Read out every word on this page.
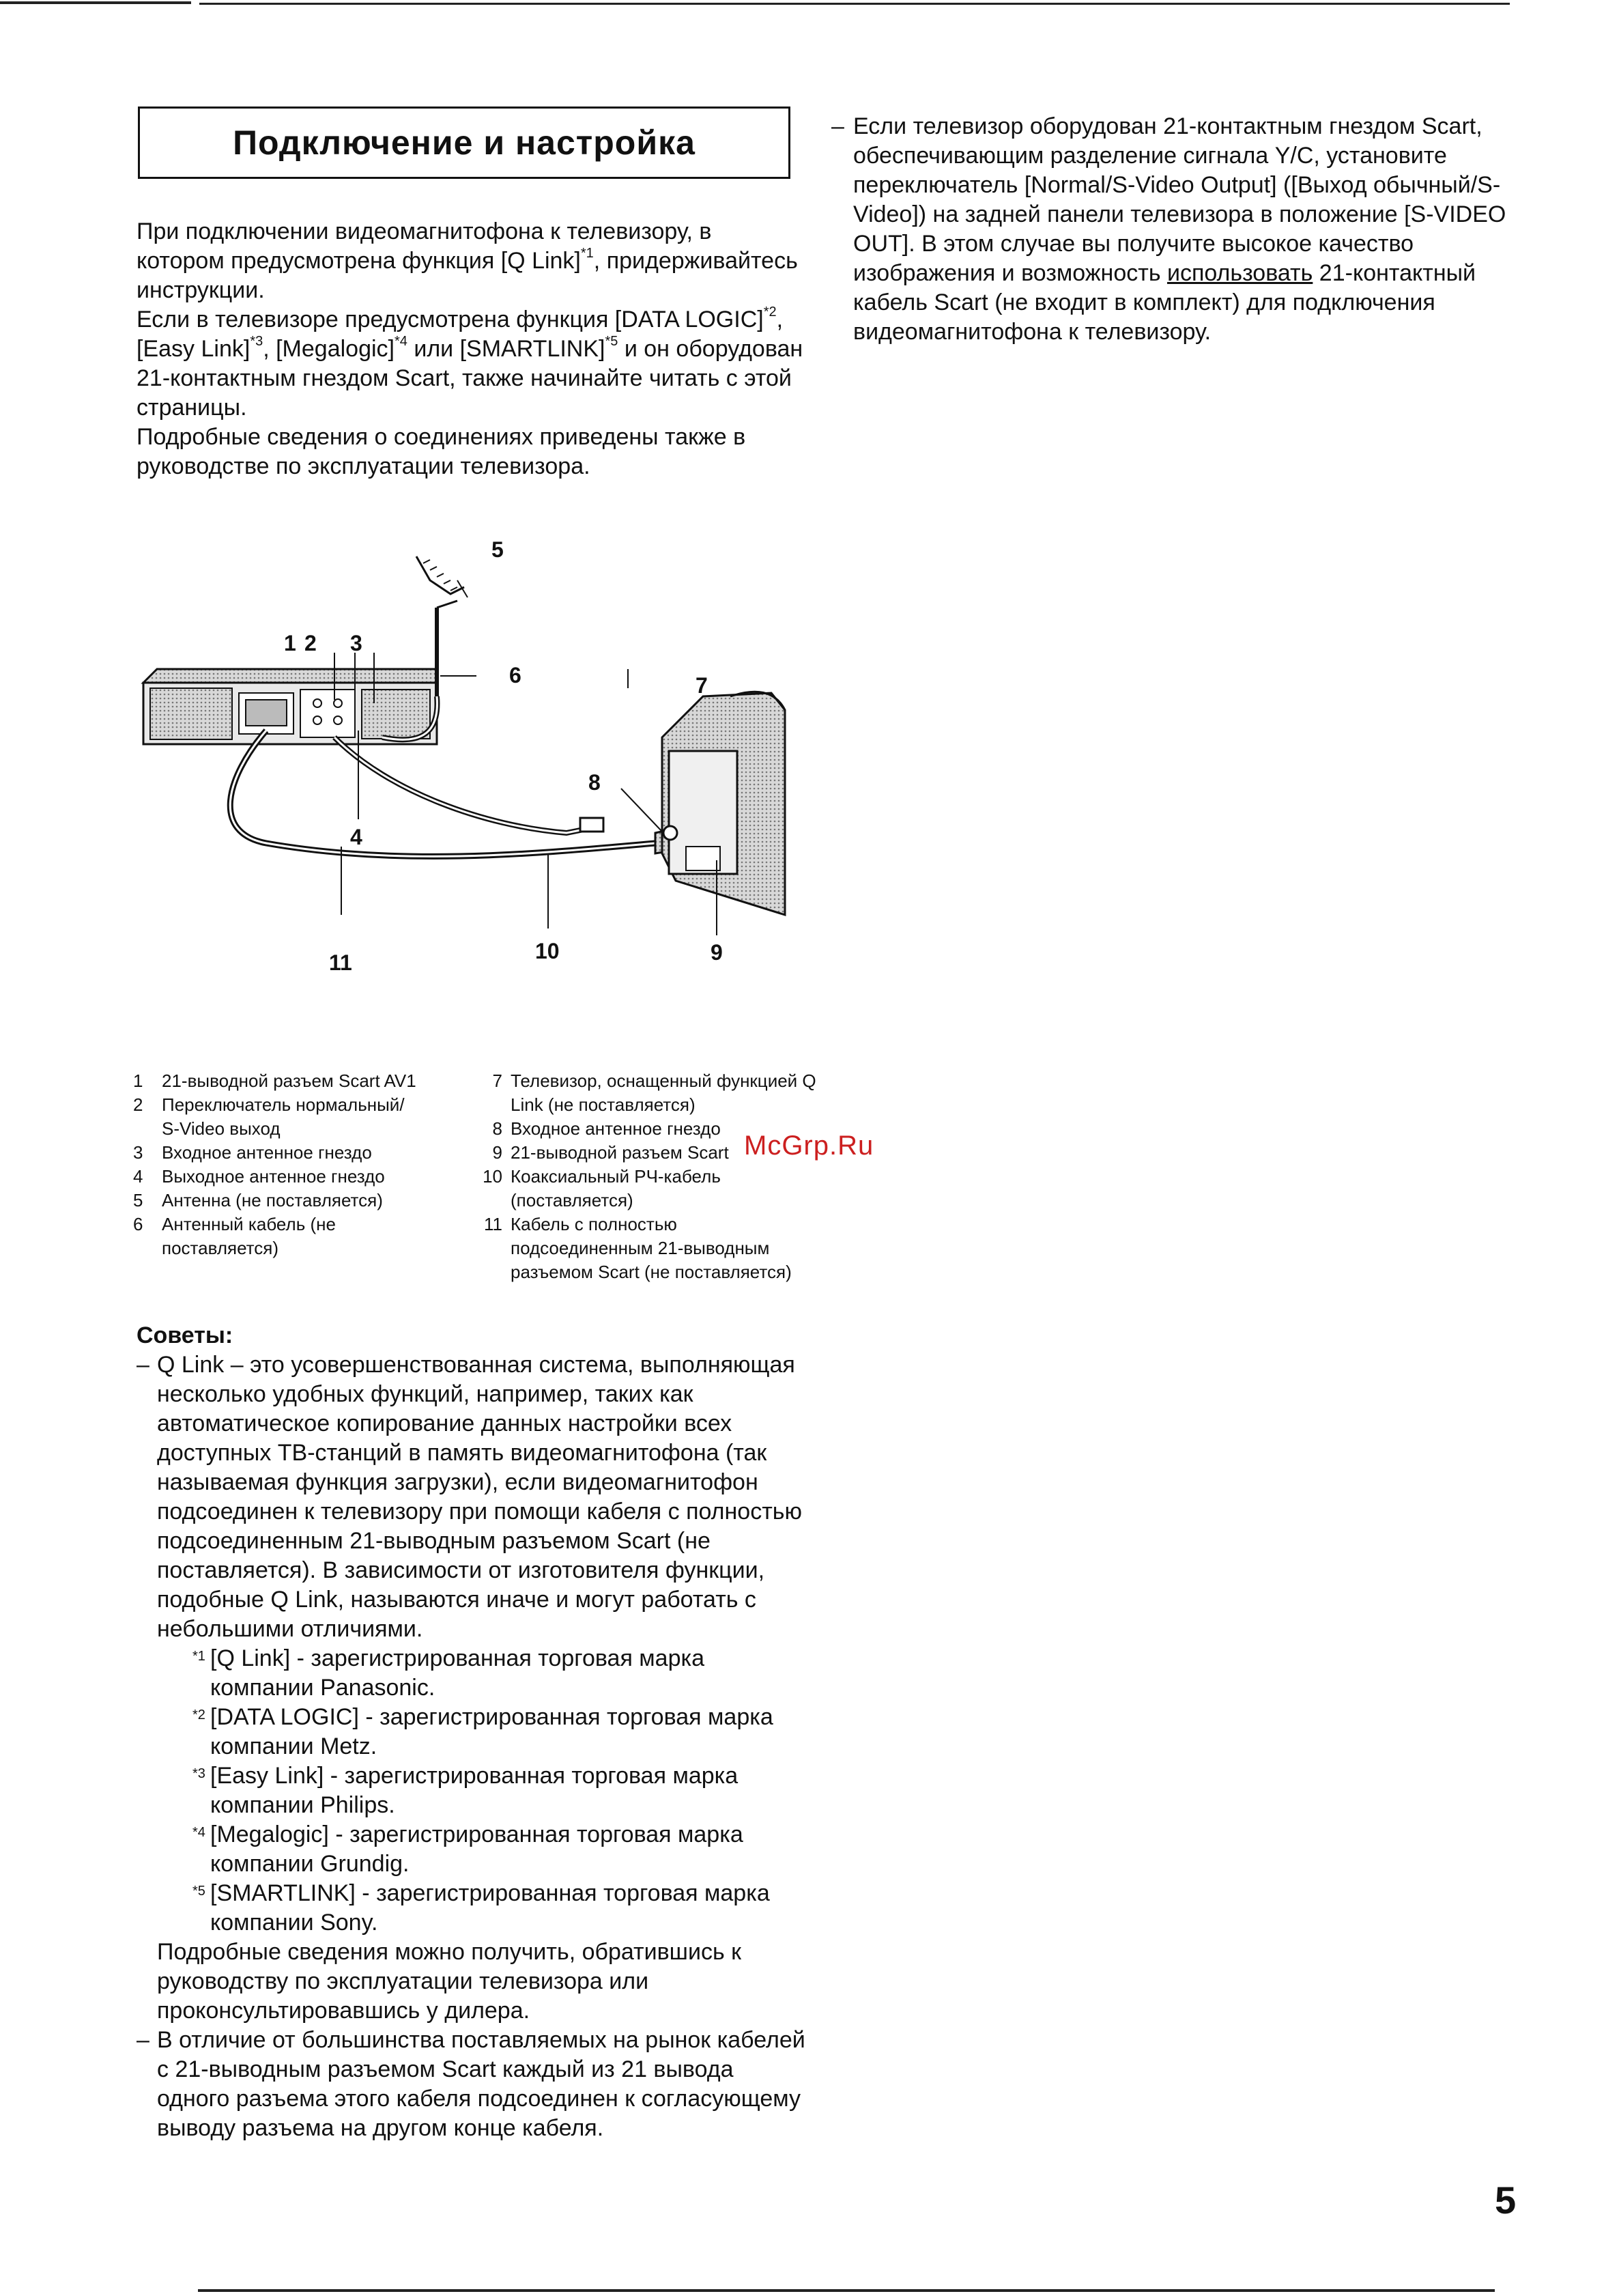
Подключение и настройка

При подключении видеомагнитофона к телевизору, в котором предусмотрена функция [Q Link]$^{*1}$, придерживайтесь инструкции.

Если в телевизоре предусмотрена функция [DATA LOGIC]$^{*2}$, [Easy Link]$^{*3}$, [Megalogic]$^{*4}$ или [SMARTLINK]$^{*5}$ и он оборудован 21-контактным гнездом Scart, также начинайте читать с этой страницы.

Подробные сведения о соединениях приведены также в руководстве по эксплуатации телевизора.

– Если телевизор оборудован 21-контактным гнездом Scart, обеспечивающим разделение сигнала Y/C, установите переключатель [Normal/S-Video Output] ([Выход обычный/S-Video]) на задней панели телевизора в положение [S-VIDEO OUT]. В этом случае вы получите высокое качество изображения и возможность использовать 21-контактный кабель Scart (не входит в комплект) для подключения видеомагнитофона к телевизору.
1 2 3
4
5
6	7
8
9
10
11
1	21-выводной разъем Scart AV1
2	Переключатель нормальный/ S-Video выход
3	Входное антенное гнездо
4	Выходное антенное гнездо
5	Антенна (не поставляется)
6	Антенный кабель (не поставляется)
7 Телевизор, оснащенный функцией Q Link (не поставляется)
8 Входное антенное гнездо
9 21-выводной разъем Scart
10 Коаксиальный РЧ-кабель (поставляется)
11 Кабель с полностью подсоединенным 21-выводным разъемом Scart (не поставляется)
McGrp.Ru
Советы:
– Q Link – это усовершенствованная система, выполняющая несколько удобных функций, например, таких как автоматическое копирование данных настройки всех доступных ТВ-станций в память видеомагнитофона (так называемая функция загрузки), если видеомагнитофон подсоединен к телевизору при помощи кабеля с полностью подсоединенным 21-выводным разъемом Scart (не поставляется). В зависимости от изготовителя функции, подобные Q Link, называются иначе и могут работать с небольшими отличиями.

*1 [Q Link] - зарегистрированная торговая марка компании Panasonic.
*2 [DATA LOGIC] - зарегистрированная торговая марка компании Metz.
*3 [Easy Link] - зарегистрированная торговая марка компании Philips.
*4 [Megalogic] - зарегистрированная торговая марка компании Grundig.
*5 [SMARTLINK] - зарегистрированная торговая марка компании Sony.

Подробные сведения можно получить, обратившись к руководству по эксплуатации телевизора или проконсультировавшись у дилера.

– В отличие от большинства поставляемых на рынок кабелей с 21-выводным разъемом Scart каждый из 21 вывода одного разъема этого кабеля подсоединен к согласующему выводу разъема на другом конце кабеля.

5
